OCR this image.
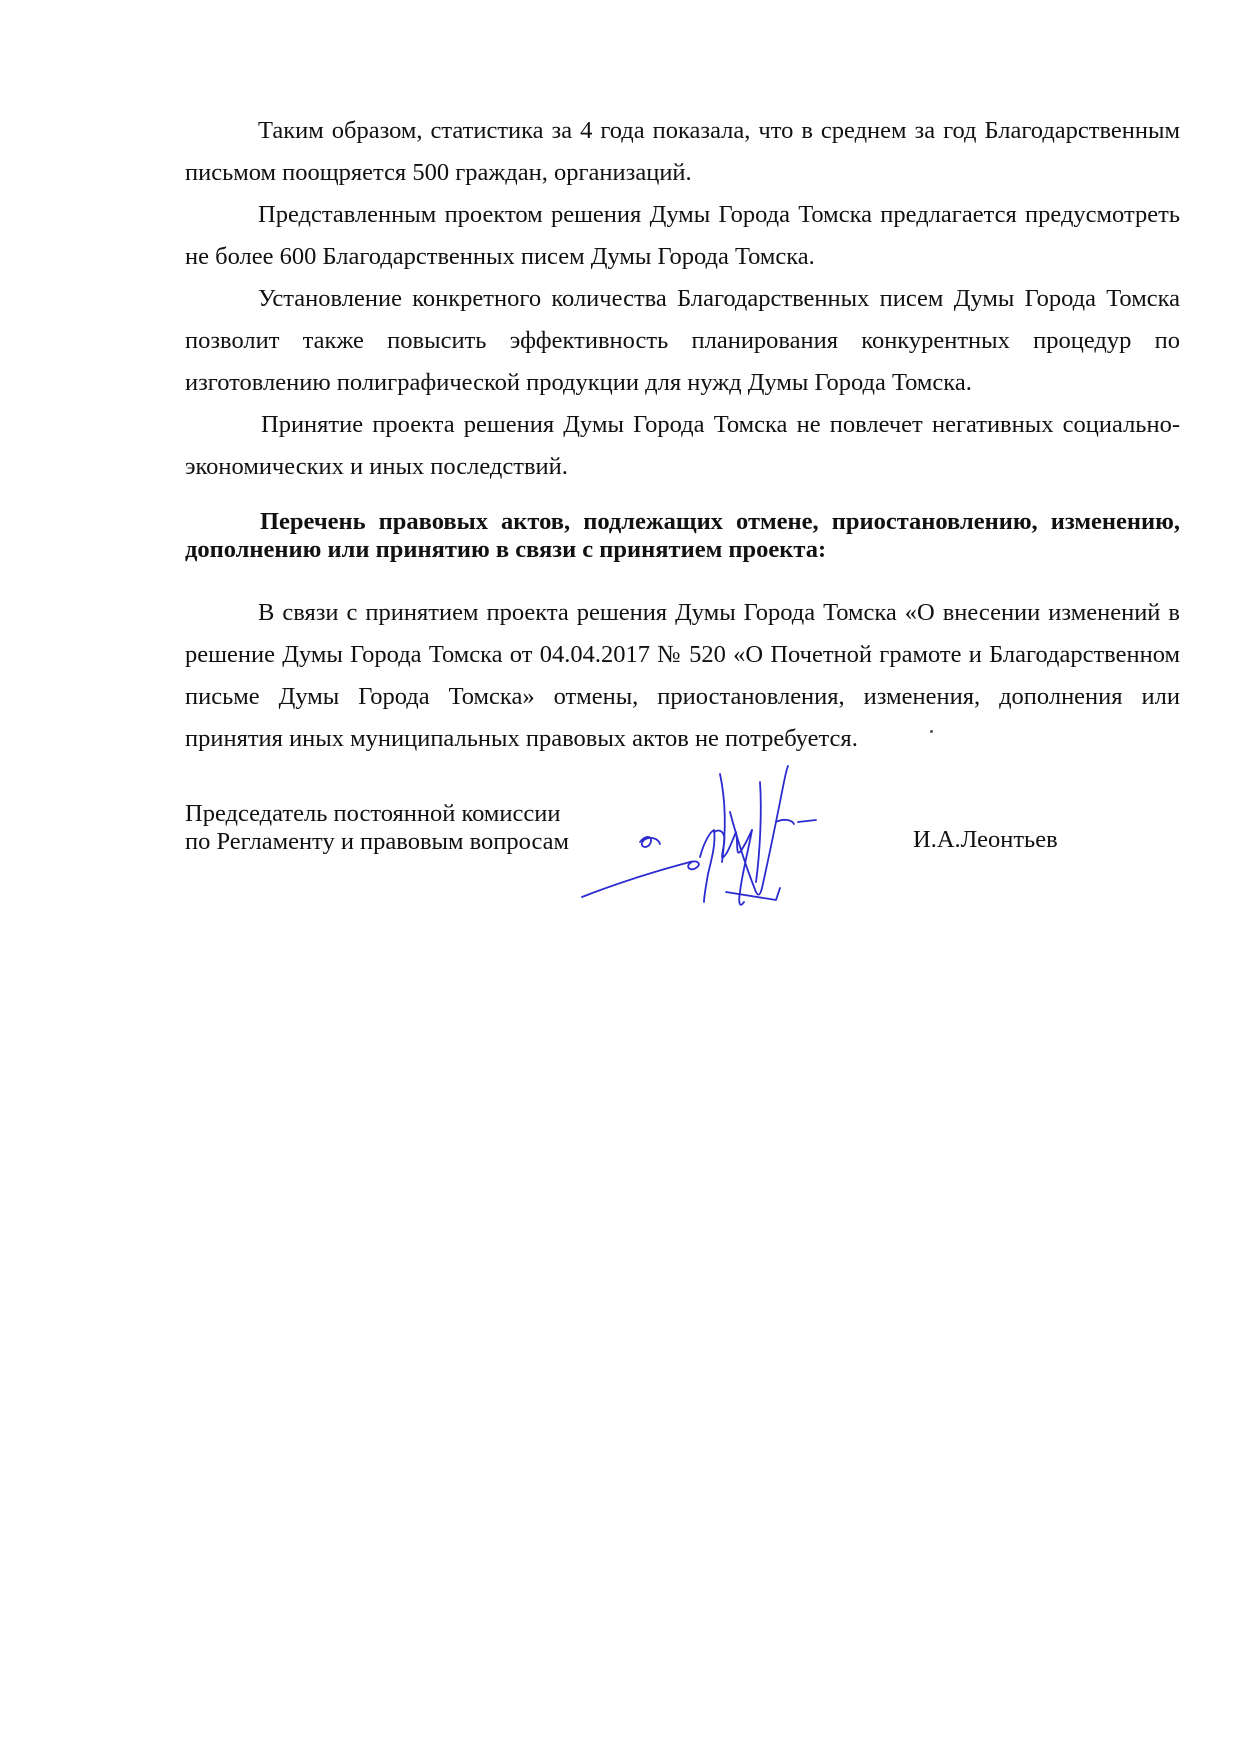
Таким образом, статистика за 4 года показала, что в среднем за год Благодарственным письмом поощряется 500 граждан, организаций.

Представленным проектом решения Думы Города Томска предлагается предусмотреть не более 600 Благодарственных писем Думы Города Томска.

Установление конкретного количества Благодарственных писем Думы Города Томска позволит также повысить эффективность планирования конкурентных процедур по изготовлению полиграфической продукции для нужд Думы Города Томска.

Принятие проекта решения Думы Города Томска не повлечет негативных социально-экономических и иных последствий.

Перечень правовых актов, подлежащих отмене, приостановлению, изменению, дополнению или принятию в связи с принятием проекта:

В связи с принятием проекта решения Думы Города Томска «О внесении изменений в решение Думы Города Томска от 04.04.2017 № 520 «О Почетной грамоте и Благодарственном письме Думы Города Томска» отмены, приостановления, изменения, дополнения или принятия иных муниципальных правовых актов не потребуется.

Председатель постоянной комиссии
по Регламенту и правовым вопросам	И.А.Леонтьев
